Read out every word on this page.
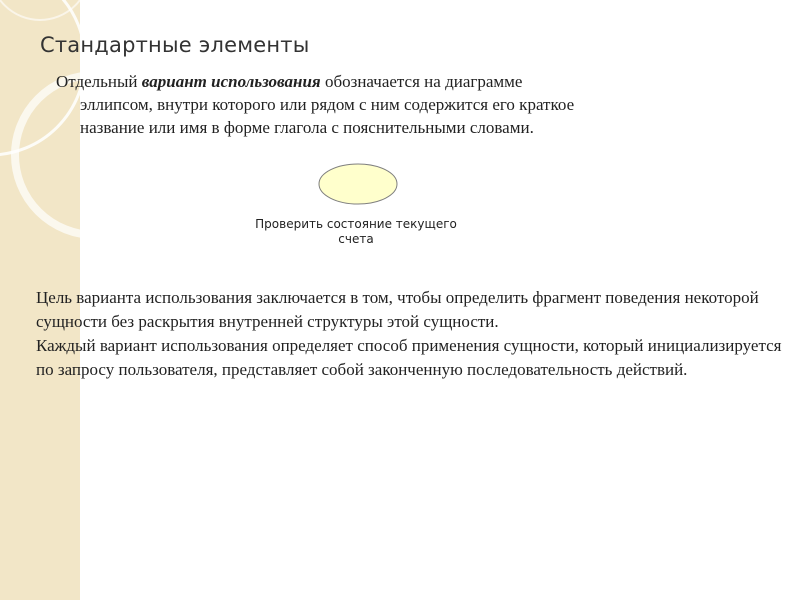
Стандартные элементы
Отдельный вариант использования обозначается на диаграмме
эллипсом, внутри которого или рядом с ним содержится его краткое
название или имя в форме глагола с пояснительными словами.
Проверить состояние текущего
счета

Цель варианта использования заключается в том, чтобы определить фрагмент поведения некоторой сущности без раскрытия внутренней структуры этой сущности.

Каждый вариант использования определяет способ применения сущности, который инициализируется по запросу пользователя, представляет собой законченную последовательность действий.
